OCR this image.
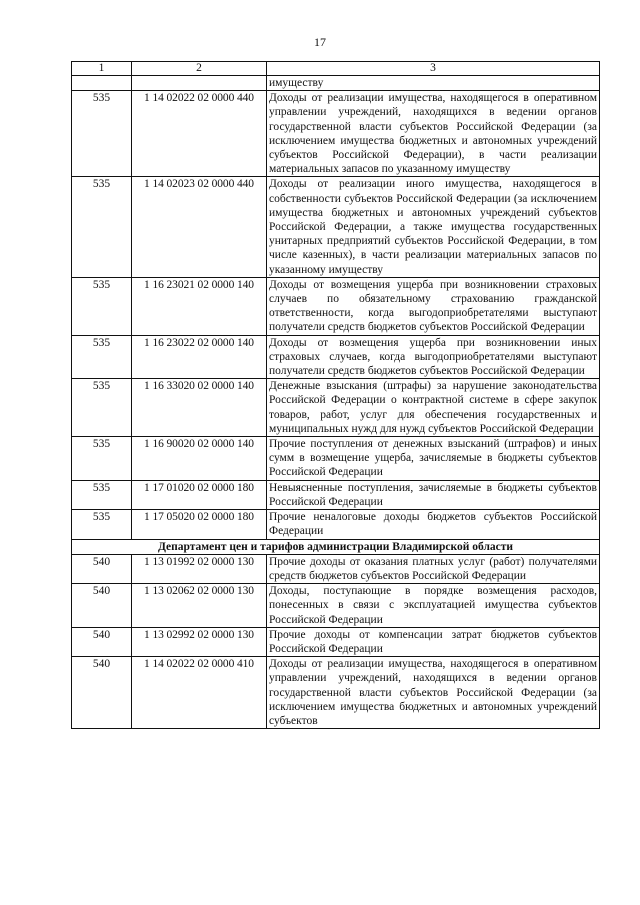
17
1	2	3
		имуществу
535	1 14 02022 02 0000 440	Доходы от реализации имущества, находящегося в оперативном управлении учреждений, находящихся в ведении органов государственной власти субъектов Российской Федерации (за исключением имущества бюджетных и автономных учреждений субъектов Российской Федерации), в части реализации материальных запасов по указанному имуществу
535	1 14 02023 02 0000 440	Доходы от реализации иного имущества, находящегося в собственности субъектов Российской Федерации (за исключением имущества бюджетных и автономных учреждений субъектов Российской Федерации, а также имущества государственных унитарных предприятий субъектов Российской Федерации, в том числе казенных), в части реализации материальных запасов по указанному имуществу
535	1 16 23021 02 0000 140	Доходы от возмещения ущерба при возникновении страховых случаев по обязательному страхованию гражданской ответственности, когда выгодоприобретателями выступают получатели средств бюджетов субъектов Российской Федерации
535	1 16 23022 02 0000 140	Доходы от возмещения ущерба при возникновении иных страховых случаев, когда выгодоприобретателями выступают получатели средств бюджетов субъектов Российской Федерации
535	1 16 33020 02 0000 140	Денежные взыскания (штрафы) за нарушение законодательства Российской Федерации о контрактной системе в сфере закупок товаров, работ, услуг для обеспечения государственных и муниципальных нужд для нужд субъектов Российской Федерации
535	1 16 90020 02 0000 140	Прочие поступления от денежных взысканий (штрафов) и иных сумм в возмещение ущерба, зачисляемые в бюджеты субъектов Российской Федерации
535	1 17 01020 02 0000 180	Невыясненные поступления, зачисляемые в бюджеты субъектов Российской Федерации
535	1 17 05020 02 0000 180	Прочие неналоговые доходы бюджетов субъектов Российской Федерации
Департамент цен и тарифов администрации Владимирской области		
540	1 13 01992 02 0000 130	Прочие доходы от оказания платных услуг (работ) получателями средств бюджетов субъектов Российской Федерации
540	1 13 02062 02 0000 130	Доходы, поступающие в порядке возмещения расходов, понесенных в связи с эксплуатацией имущества субъектов Российской Федерации
540	1 13 02992 02 0000 130	Прочие доходы от компенсации затрат бюджетов субъектов Российской Федерации
540	1 14 02022 02 0000 410	Доходы от реализации имущества, находящегося в оперативном управлении учреждений, находящихся в ведении органов государственной власти субъектов Российской Федерации (за исключением имущества бюджетных и автономных учреждений субъектов
